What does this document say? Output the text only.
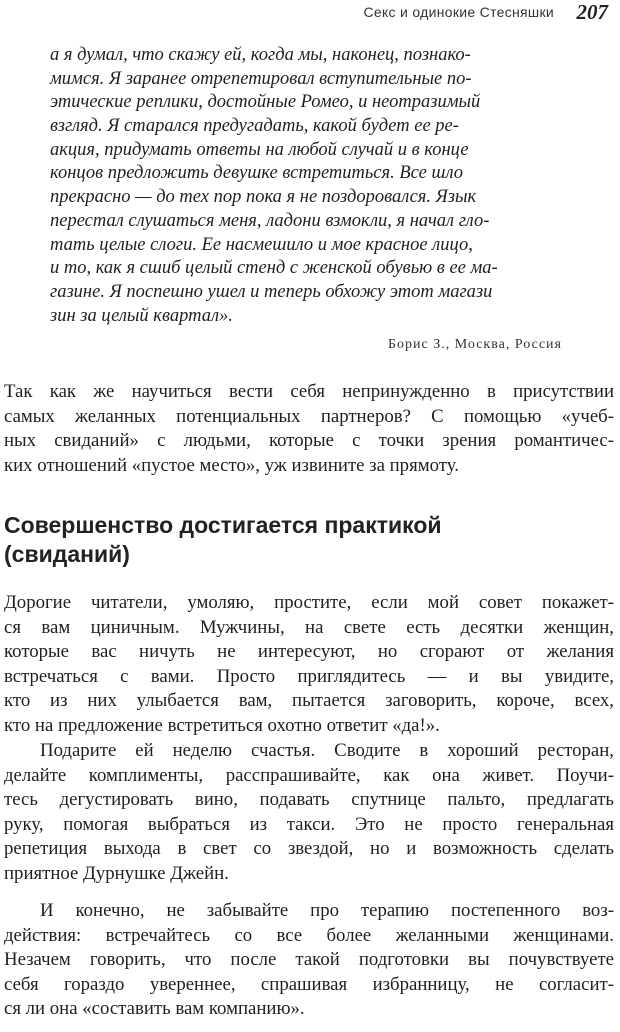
Секс и одинокие Стесняшки 207
а я думал, что скажу ей, когда мы, наконец, познако-
мимся. Я заранее отрепетировал вступительные по-
этические реплики, достойные Ромео, и неотразимый
взгляд. Я старался предугадать, какой будет ее ре-
акция, придумать ответы на любой случай и в конце
концов предложить девушке встретиться. Все шло
прекрасно — до тех пор пока я не поздоровался. Язык
перестал слушаться меня, ладони взмокли, я начал гло-
тать целые слоги. Ее насмешило и мое красное лицо,
и то, как я сшиб целый стенд с женской обувью в ее ма-
газине. Я поспешно ушел и теперь обхожу этот магази
зин за целый квартал».
Борис З., Москва, Россия
Так как же научиться вести себя непринужденно в присутствии
самых желанных потенциальных партнеров? С помощью «учеб-
ных свиданий» с людьми, которые с точки зрения романтичес-
ких отношений «пустое место», уж извините за прямоту.
Совершенство достигается практикой
(свиданий)
Дорогие читатели, умоляю, простите, если мой совет покажет-
ся вам циничным. Мужчины, на свете есть десятки женщин,
которые вас ничуть не интересуют, но сгорают от желания
встречаться с вами. Просто приглядитесь — и вы увидите,
кто из них улыбается вам, пытается заговорить, короче, всех,
кто на предложение встретиться охотно ответит «да!».
Подарите ей неделю счастья. Сводите в хороший ресторан,
делайте комплименты, расспрашивайте, как она живет. Поучи-
тесь дегустировать вино, подавать спутнице пальто, предлагать
руку, помогая выбраться из такси. Это не просто генеральная
репетиция выхода в свет со звездой, но и возможность сделать
приятное Дурнушке Джейн.
И конечно, не забывайте про терапию постепенного воз-
действия: встречайтесь со все более желанными женщинами.
Незачем говорить, что после такой подготовки вы почувствуете
себя гораздо увереннее, спрашивая избранницу, не согласит-
ся ли она «составить вам компанию».
